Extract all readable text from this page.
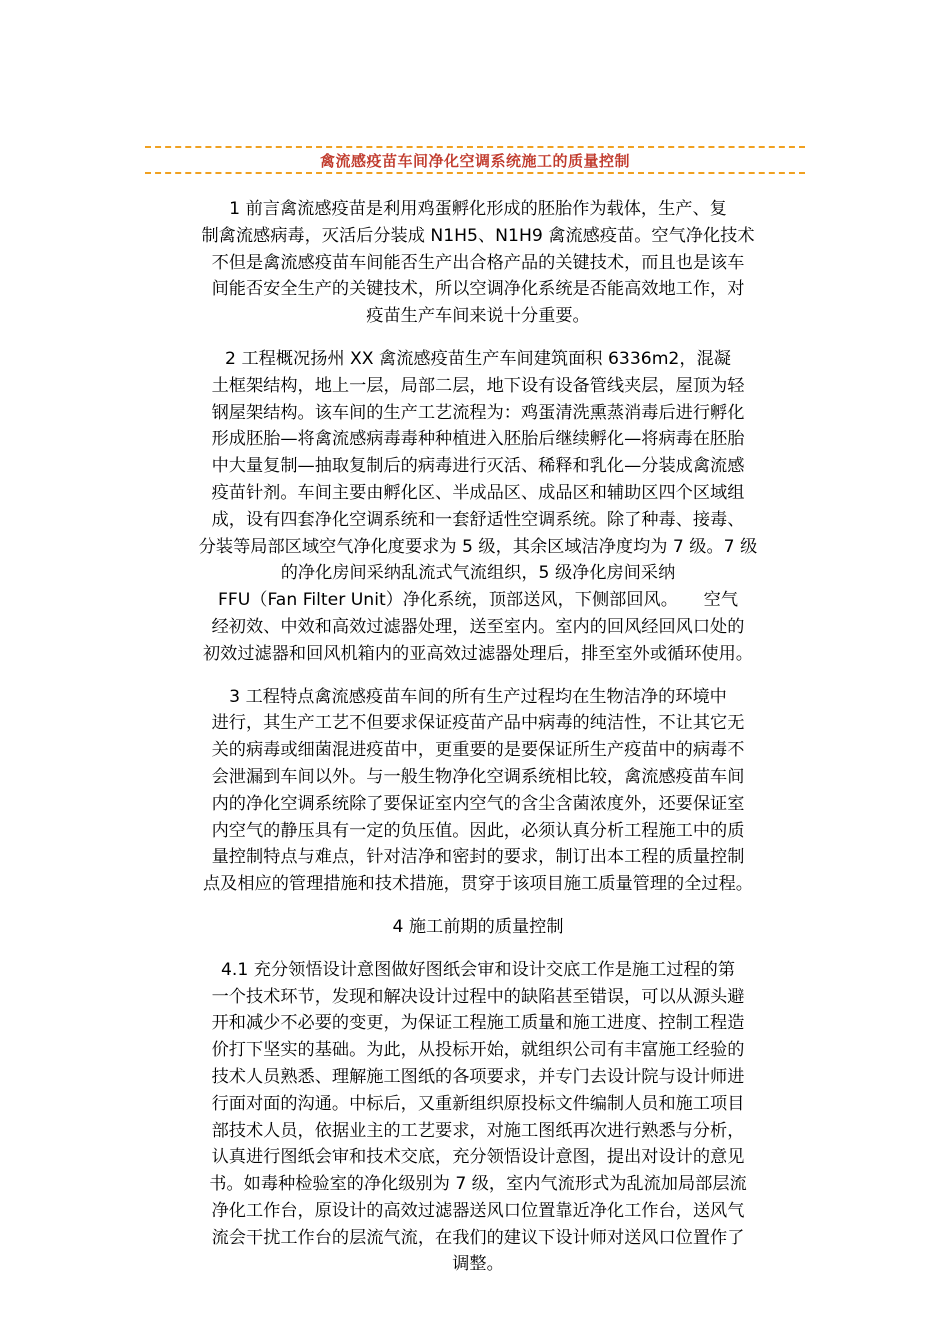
禽流感疫苗车间净化空调系统施工的质量控制
1 前言禽流感疫苗是利用鸡蛋孵化形成的胚胎作为载体，生产、复
制禽流感病毒，灭活后分装成 N1H5、N1H9 禽流感疫苗。空气净化技术
不但是禽流感疫苗车间能否生产出合格产品的关键技术，而且也是该车
间能否安全生产的关键技术，所以空调净化系统是否能高效地工作，对
疫苗生产车间来说十分重要。
2 工程概况扬州 XX 禽流感疫苗生产车间建筑面积 6336m2，混凝
土框架结构，地上一层，局部二层，地下设有设备管线夹层，屋顶为轻
钢屋架结构。该车间的生产工艺流程为：鸡蛋清洗熏蒸消毒后进行孵化
形成胚胎—将禽流感病毒毒种种植进入胚胎后继续孵化—将病毒在胚胎
中大量复制—抽取复制后的病毒进行灭活、稀释和乳化—分装成禽流感
疫苗针剂。车间主要由孵化区、半成品区、成品区和辅助区四个区域组
成，设有四套净化空调系统和一套舒适性空调系统。除了种毒、接毒、
分装等局部区域空气净化度要求为 5 级，其余区域洁净度均为 7 级。7 级
的净化房间采纳乱流式气流组织，5 级净化房间采纳
FFU（Fan Filter Unit）净化系统，顶部送风，下侧部回风。　　空气
经初效、中效和高效过滤器处理，送至室内。室内的回风经回风口处的
初效过滤器和回风机箱内的亚高效过滤器处理后，排至室外或循环使用。
3 工程特点禽流感疫苗车间的所有生产过程均在生物洁净的环境中
进行，其生产工艺不但要求保证疫苗产品中病毒的纯洁性，不让其它无
关的病毒或细菌混进疫苗中，更重要的是要保证所生产疫苗中的病毒不
会泄漏到车间以外。与一般生物净化空调系统相比较，禽流感疫苗车间
内的净化空调系统除了要保证室内空气的含尘含菌浓度外，还要保证室
内空气的静压具有一定的负压值。因此，必须认真分析工程施工中的质
量控制特点与难点，针对洁净和密封的要求，制订出本工程的质量控制
点及相应的管理措施和技术措施，贯穿于该项目施工质量管理的全过程。
4 施工前期的质量控制
4.1 充分领悟设计意图做好图纸会审和设计交底工作是施工过程的第
一个技术环节，发现和解决设计过程中的缺陷甚至错误，可以从源头避
开和减少不必要的变更，为保证工程施工质量和施工进度、控制工程造
价打下坚实的基础。为此，从投标开始，就组织公司有丰富施工经验的
技术人员熟悉、理解施工图纸的各项要求，并专门去设计院与设计师进
行面对面的沟通。中标后，又重新组织原投标文件编制人员和施工项目
部技术人员，依据业主的工艺要求，对施工图纸再次进行熟悉与分析，
认真进行图纸会审和技术交底，充分领悟设计意图，提出对设计的意见
书。如毒种检验室的净化级别为 7 级，室内气流形式为乱流加局部层流
净化工作台，原设计的高效过滤器送风口位置靠近净化工作台，送风气
流会干扰工作台的层流气流，在我们的建议下设计师对送风口位置作了
调整。
